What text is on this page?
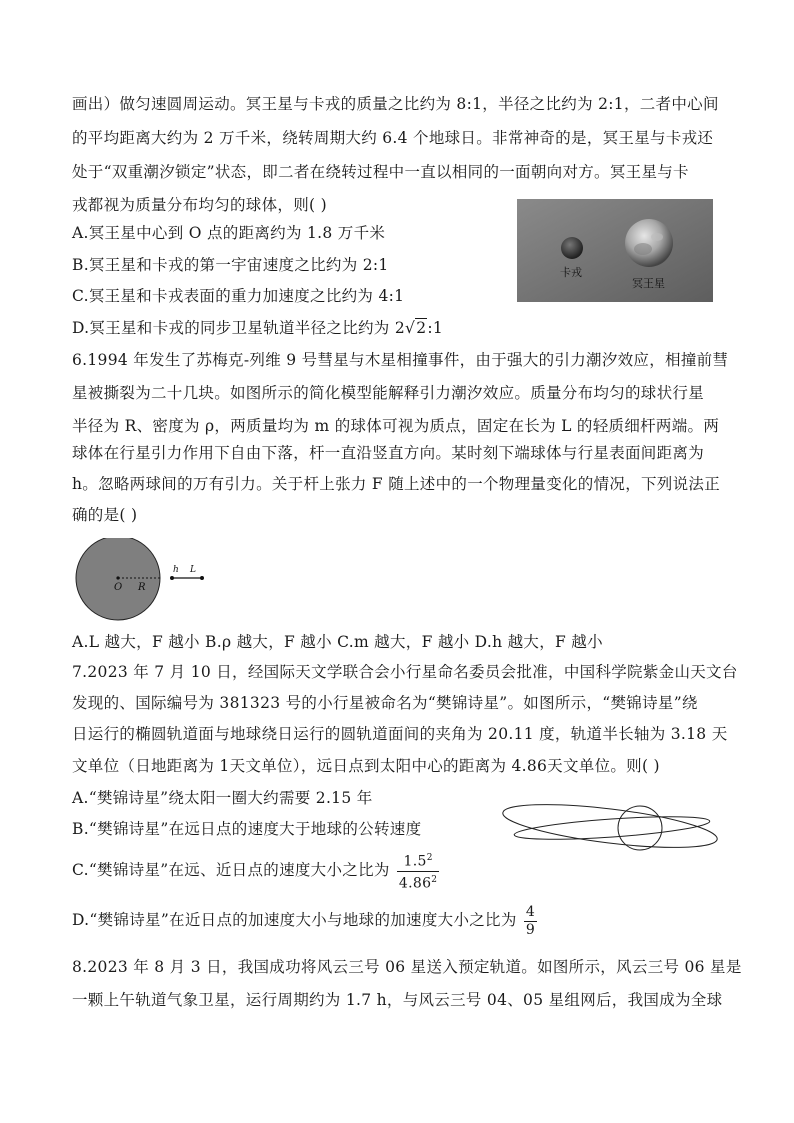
画出）做匀速圆周运动。冥王星与卡戎的质量之比约为 8:1，半径之比约为 2:1，二者中心间
的平均距离大约为 2 万千米，绕转周期大约 6.4 个地球日。非常神奇的是，冥王星与卡戎还
处于“双重潮汐锁定”状态，即二者在绕转过程中一直以相同的一面朝向对方。冥王星与卡
戎都视为质量分布均匀的球体，则( )
A.冥王星中心到 O 点的距离约为 1.8 万千米
B.冥王星和卡戎的第一宇宙速度之比约为 2:1
C.冥王星和卡戎表面的重力加速度之比约为 4:1
D.冥王星和卡戎的同步卫星轨道半径之比约为 2√2:1
卡戎
冥王星
6.1994 年发生了苏梅克-列维 9 号彗星与木星相撞事件，由于强大的引力潮汐效应，相撞前彗
星被撕裂为二十几块。如图所示的简化模型能解释引力潮汐效应。质量分布均匀的球状行星
半径为 R、密度为 ρ，两质量均为 m 的球体可视为质点，固定在长为 L 的轻质细杆两端。两
球体在行星引力作用下自由下落，杆一直沿竖直方向。某时刻下端球体与行星表面间距离为
h。忽略两球间的万有引力。关于杆上张力 F 随上述中的一个物理量变化的情况，下列说法正
确的是( )
O R
h L
A.L 越大，F 越小 B.ρ 越大，F 越小 C.m 越大，F 越小 D.h 越大，F 越小
7.2023 年 7 月 10 日，经国际天文学联合会小行星命名委员会批准，中国科学院紫金山天文台
发现的、国际编号为 381323 号的小行星被命名为“樊锦诗星”。如图所示，“樊锦诗星”绕
日运行的椭圆轨道面与地球绕日运行的圆轨道面间的夹角为 20.11 度，轨道半长轴为 3.18 天
文单位（日地距离为 1天文单位），远日点到太阳中心的距离为 4.86天文单位。则( )
A.“樊锦诗星”绕太阳一圈大约需要 2.15 年
B.“樊锦诗星”在远日点的速度大于地球的公转速度
C.“樊锦诗星”在远、近日点的速度大小之比为 $\frac{1.5^2}{4.86^2}$
D.“樊锦诗星”在近日点的加速度大小与地球的加速度大小之比为 $\frac{4}{9}$
8.2023 年 8 月 3 日，我国成功将风云三号 06 星送入预定轨道。如图所示，风云三号 06 星是
一颗上午轨道气象卫星，运行周期约为 1.7 h，与风云三号 04、05 星组网后，我国成为全球
